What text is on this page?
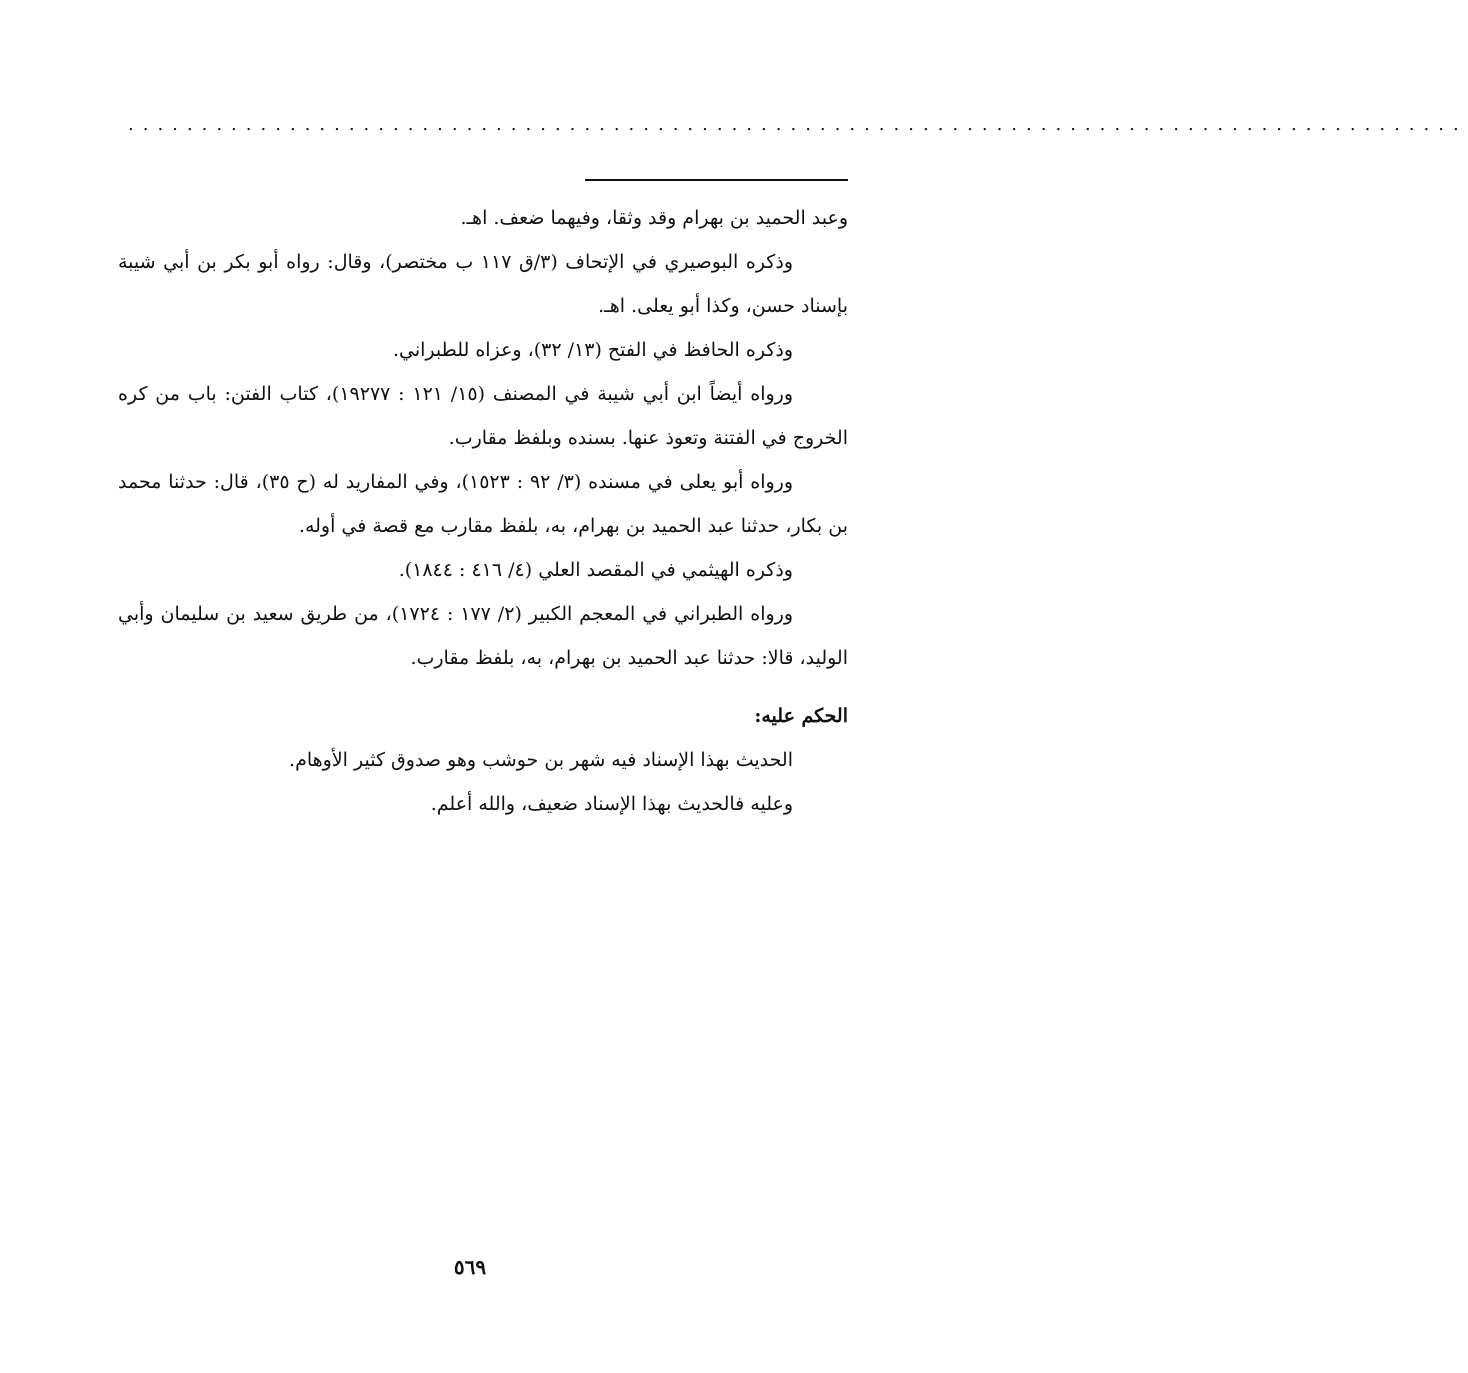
...........................................................................................

وعبد الحميد بن بهرام وقد وثقا، وفيهما ضعف. اهـ.

وذكره البوصيري في الإتحاف (٣/ق ١١٧ ب مختصر)، وقال: رواه أبو بكر بن أبي شيبة بإسناد حسن، وكذا أبو يعلى. اهـ.

وذكره الحافظ في الفتح (١٣/ ٣٢)، وعزاه للطبراني.

ورواه أيضاً ابن أبي شيبة في المصنف (١٥/ ١٢١ : ١٩٢٧٧)، كتاب الفتن: باب من كره الخروج في الفتنة وتعوذ عنها. بسنده وبلفظ مقارب.

ورواه أبو يعلى في مسنده (٣/ ٩٢ : ١٥٢٣)، وفي المفاريد له (ح ٣٥)، قال: حدثنا محمد بن بكار، حدثنا عبد الحميد بن بهرام، به، بلفظ مقارب مع قصة في أوله.

وذكره الهيثمي في المقصد العلي (٤/ ٤١٦ : ١٨٤٤).

ورواه الطبراني في المعجم الكبير (٢/ ١٧٧ : ١٧٢٤)، من طريق سعيد بن سليمان وأبي الوليد، قالا: حدثنا عبد الحميد بن بهرام، به، بلفظ مقارب.

الحكم عليه:

الحديث بهذا الإسناد فيه شهر بن حوشب وهو صدوق كثير الأوهام.

وعليه فالحديث بهذا الإسناد ضعيف، والله أعلم.

٥٦٩
